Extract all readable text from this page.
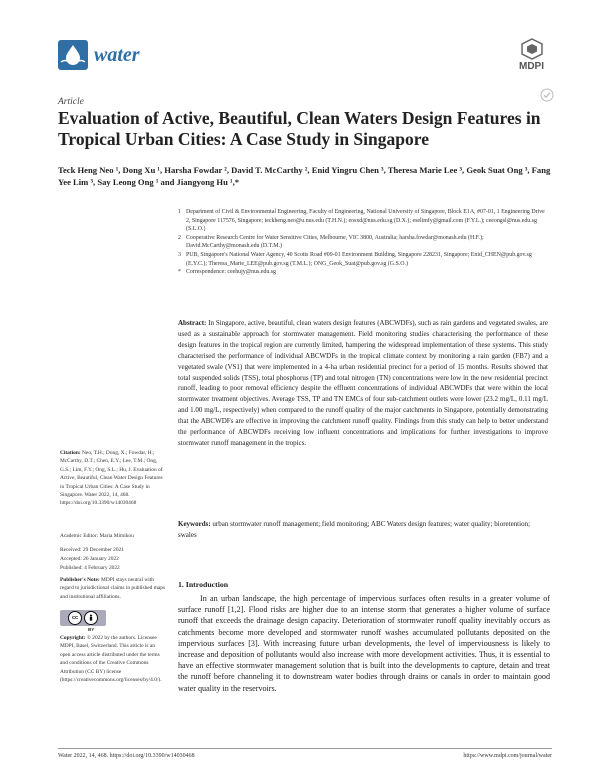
water
MDPI
Article
Evaluation of Active, Beautiful, Clean Waters Design Features in Tropical Urban Cities: A Case Study in Singapore
Teck Heng Neo ¹, Dong Xu ¹, Harsha Fowdar ², David T. McCarthy ², Enid Yingru Chen ³, Theresa Marie Lee ³, Geok Suat Ong ³, Fang Yee Lim ³, Say Leong Ong ¹ and Jiangyong Hu ¹,*
1 Department of Civil & Environmental Engineering, Faculty of Engineering, National University of Singapore, Block E1A, #07-01, 1 Engineering Drive 2, Singapore 117576, Singapore; teckheng.neo@u.nus.edu (T.H.N.); eosxd@nus.edu.sg (D.X.); eselimfy@gmail.com (F.Y.L.); ceeongsl@nus.edu.sg (S.L.O.)
2 Cooperative Research Centre for Water Sensitive Cities, Melbourne, VIC 3800, Australia; harsha.fowdar@monash.edu (H.F.); David.McCarthy@monash.edu (D.T.M.)
3 PUB, Singapore's National Water Agency, 40 Scotts Road #09-01 Environment Building, Singapore 228231, Singapore; Enid_CHEN@pub.gov.sg (E.Y.C.); Theresa_Marie_LEE@pub.gov.sg (T.M.L.); ONG_Geok_Suat@pub.gov.sg (G.S.O.)
* Correspondence: ceehujy@nus.edu.sg
Abstract: In Singapore, active, beautiful, clean waters design features (ABCWDFs), such as rain gardens and vegetated swales, are used as a sustainable approach for stormwater management. Field monitoring studies characterising the performance of these design features in the tropical region are currently limited, hampering the widespread implementation of these systems. This study characterised the performance of individual ABCWDFs in the tropical climate context by monitoring a rain garden (FB7) and a vegetated swale (VS1) that were implemented in a 4-ha urban residential precinct for a period of 15 months. Results showed that total suspended solids (TSS), total phosphorus (TP) and total nitrogen (TN) concentrations were low in the new residential precinct runoff, leading to poor removal efficiency despite the effluent concentrations of individual ABCWDFs that were within the local stormwater treatment objectives. Average TSS, TP and TN EMCs of four sub-catchment outlets were lower (23.2 mg/L, 0.11 mg/L and 1.00 mg/L, respectively) when compared to the runoff quality of the major catchments in Singapore, potentially demonstrating that the ABCWDFs are effective in improving the catchment runoff quality. Findings from this study can help to better understand the performance of ABCWDFs receiving low influent concentrations and implications for further investigations to improve stormwater runoff management in the tropics.
Keywords: urban stormwater runoff management; field monitoring; ABC Waters design features; water quality; bioretention; swales
Citation: Neo, T.H.; Dong, X.; Fowdar, H.; McCarthy, D.T.; Chen, E.Y.; Lee, T.M.; Ong, G.S.; Lim, F.Y.; Ong, S.L.; Hu, J. Evaluation of Active, Beautiful, Clean Water Design Features in Tropical Urban Cities: A Case Study in Singapore. Water 2022, 14, 468. https://doi.org/10.3390/w14030468
Academic Editor: Maria Mimikou
Received: 29 December 2021
Accepted: 26 January 2022
Published: 4 February 2022
Publisher's Note: MDPI stays neutral with regard to jurisdictional claims in published maps and institutional affiliations.
cc
BY
Copyright: © 2022 by the authors. Licensee MDPI, Basel, Switzerland. This article is an open access article distributed under the terms and conditions of the Creative Commons Attribution (CC BY) license (https://creativecommons.org/licenses/by/4.0/).
1. Introduction
In an urban landscape, the high percentage of impervious surfaces often results in a greater volume of surface runoff [1,2]. Flood risks are higher due to an intense storm that generates a higher volume of surface runoff that exceeds the drainage design capacity. Deterioration of stormwater runoff quality inevitably occurs as catchments become more developed and stormwater runoff washes accumulated pollutants deposited on the impervious surfaces [3]. With increasing future urban developments, the level of imperviousness is likely to increase and deposition of pollutants would also increase with more development activities. Thus, it is essential to have an effective stormwater management solution that is built into the developments to capture, detain and treat the runoff before channeling it to downstream water bodies through drains or canals in order to maintain good water quality in the reservoirs.
Water 2022, 14, 468. https://doi.org/10.3390/w14030468	https://www.mdpi.com/journal/water
